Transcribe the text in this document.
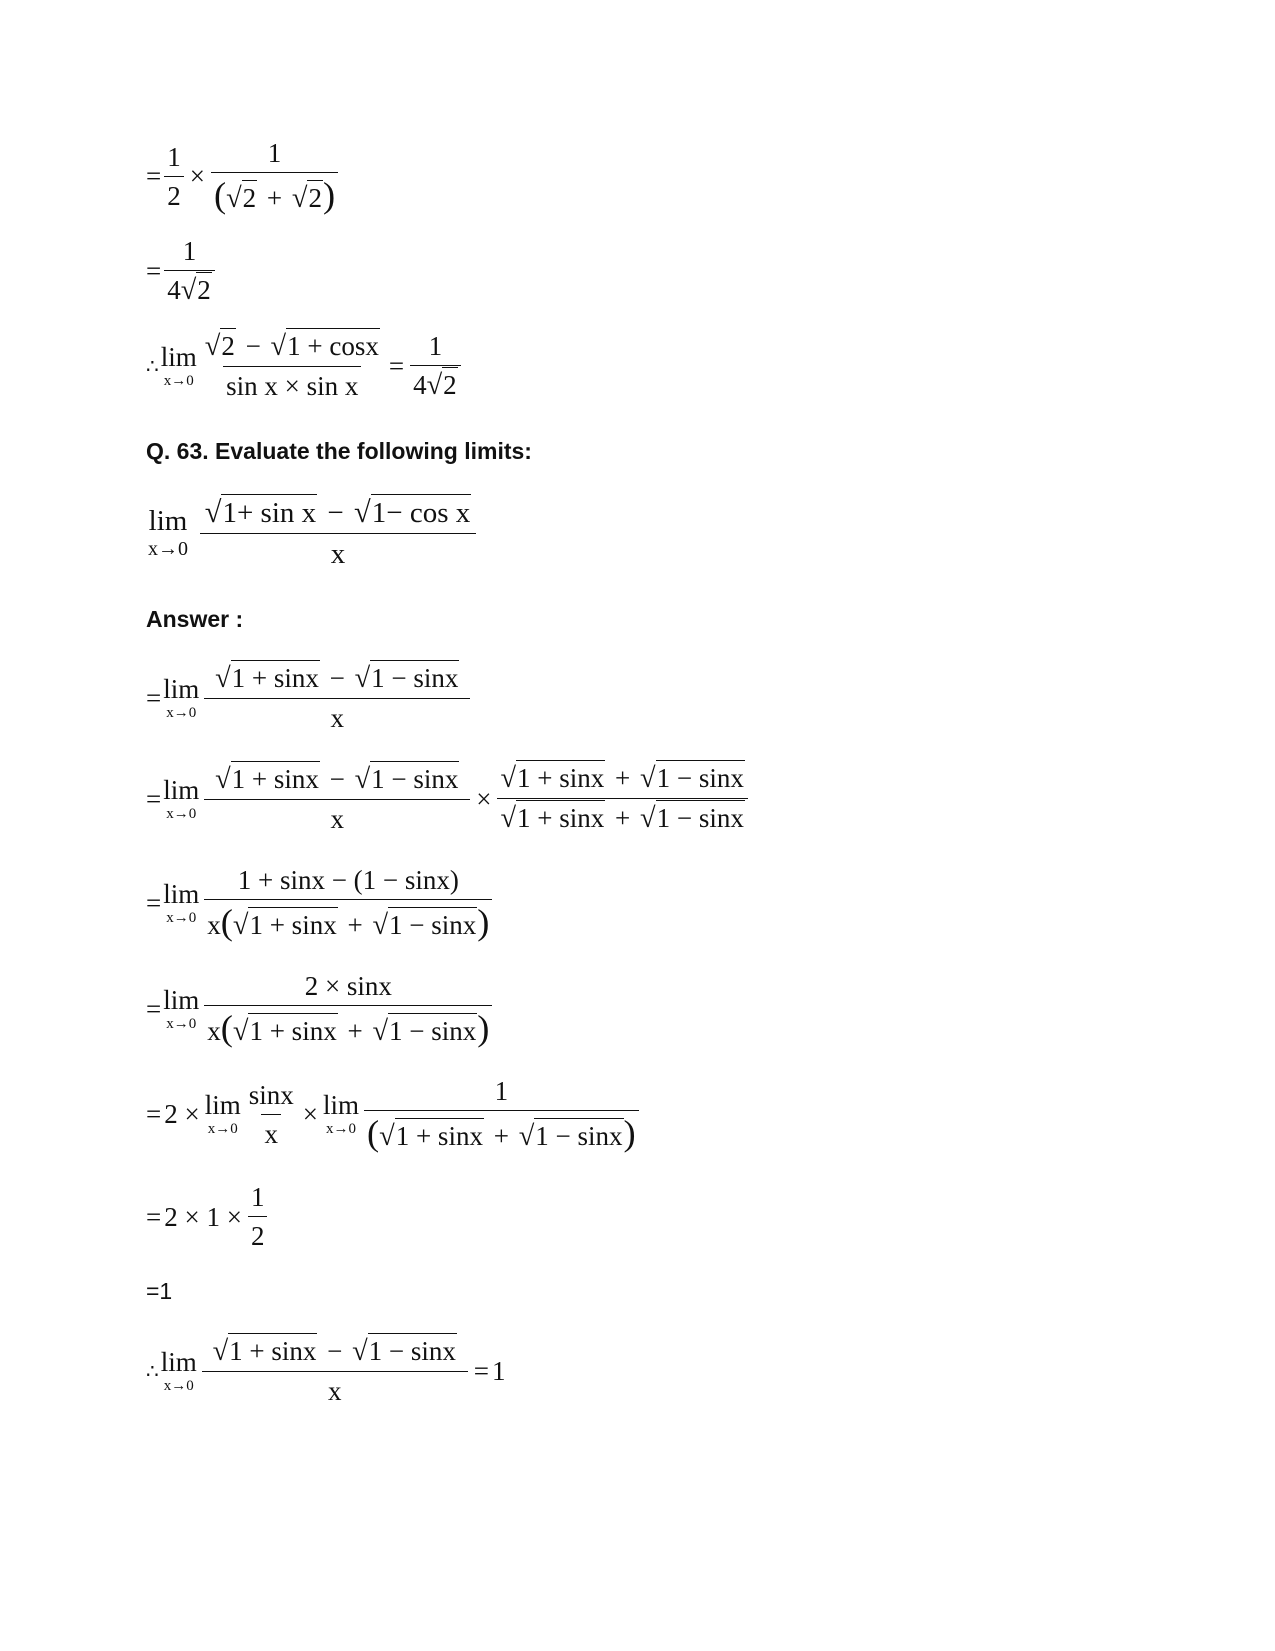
= $\frac{1}{2} \times \frac{1}{(√2 + √2)}$
= $\frac{1}{4√2}$
∴ lim
$x\to 0 \frac{√2 - √1 + \cos x}{\text{sin x × sin x}} = \frac{1}{4√2}$
Q. 63. Evaluate the following limits:
lim
$x\to 0 \frac{\text{√1+ sin x − √1− cos x}}{x}$
Answer :
= lim
$x\to 0 \frac{√1 + \sin x - √1 - \sin x}{x}$
= lim
$x\to 0 \frac{√1 + \sin x - √1 - \sin x}{x} \times \frac{√1 + \sin x + √1 - \sin x}{√1 + \sin x + √1 - \sin x}$
= lim
$x\to 0 \frac{1 + \sin x - (1 - \sin x)}{x(√1 + \sin x + √1 - \sin x)}$
= lim
$x\to 0 \frac{2 \times \sin x}{x(√1 + \sin x + √1 - \sin x)}$
= 2 × lim
$x\to 0 \frac{\sin x}{x} \times \lim$
$x\to 0 \frac{1}{(√1 + \sin x + √1 - \sin x)}$
= $2 \times 1 \times \frac{1}{2}$
=1
∴ lim
$x\to 0 \frac{√1 + \sin x - √1 - \sin x}{x} = 1$
